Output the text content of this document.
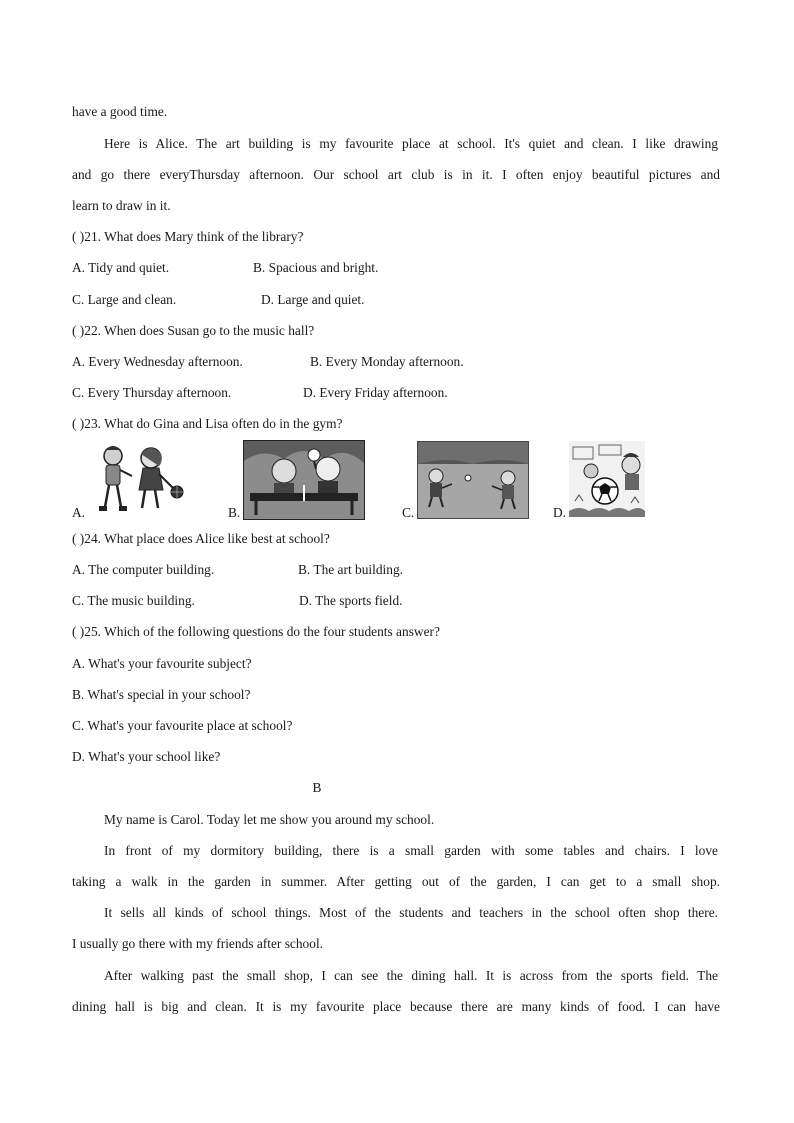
have a good time.
Here is Alice. The art building is my favourite place at school. It's quiet and clean. I like drawing
and go there everyThursday afternoon. Our school art club is in it. I often enjoy beautiful pictures and
learn to draw in it.
( )21. What does Mary think of the library?
A. Tidy and quiet.	B. Spacious and bright.
C. Large and clean.	D. Large and quiet.
( )22. When does Susan go to the music hall?
A. Every Wednesday afternoon.	B. Every Monday afternoon.
C. Every Thursday afternoon.	D. Every Friday afternoon.
( )23. What do Gina and Lisa often do in the gym?
A.	B.	C.	D.
( )24. What place does Alice like best at school?
A. The computer building.	B. The art building.
C. The music building.	D. The sports field.
( )25. Which of the following questions do the four students answer?
A. What's your favourite subject?
B. What's special in your school?
C. What's your favourite place at school?
D. What's your school like?
B
My name is Carol. Today let me show you around my school.
In front of my dormitory building, there is a small garden with some tables and chairs. I love
taking a walk in the garden in summer. After getting out of the garden, I can get to a small shop.
It sells all kinds of school things. Most of the students and teachers in the school often shop there.
I usually go there with my friends after school.
After walking past the small shop, I can see the dining hall. It is across from the sports field. The
dining hall is big and clean. It is my favourite place because there are many kinds of food. I can have
